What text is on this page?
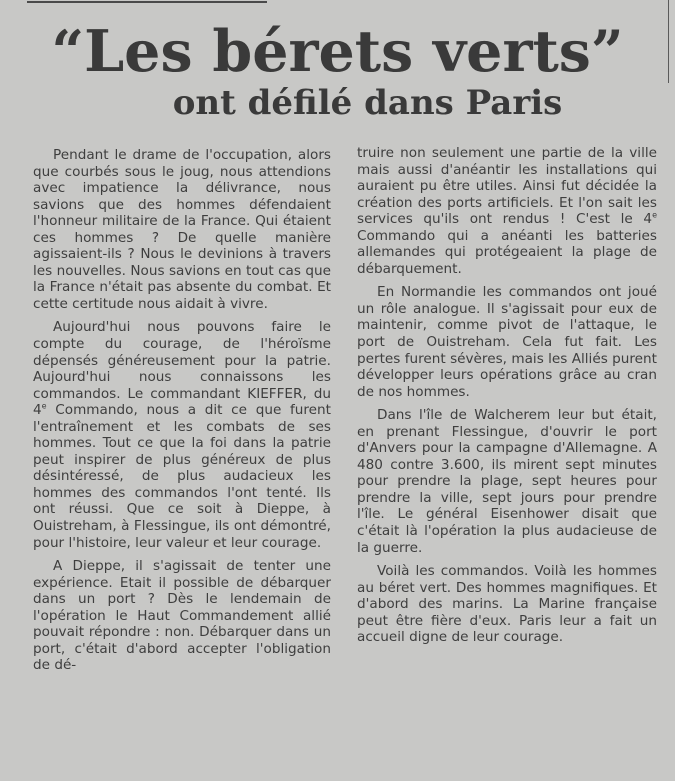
“Les bérets verts”
ont défilé dans Paris

Pendant le drame de l'occupation, alors que courbés sous le joug, nous attendions avec impatience la délivrance, nous savions que des hommes défendaient l'honneur militaire de la France. Qui étaient ces hommes ? De quelle manière agissaient-ils ? Nous le devinions à travers les nouvelles. Nous savions en tout cas que la France n'était pas absente du combat. Et cette certitude nous aidait à vivre.

Aujourd'hui nous pouvons faire le compte du courage, de l'héroïsme dépensés généreusement pour la patrie. Aujourd'hui nous connaissons les commandos. Le commandant KIEFFER, du 4e Commando, nous a dit ce que furent l'entraînement et les combats de ses hommes. Tout ce que la foi dans la patrie peut inspirer de plus généreux de plus désintéressé, de plus audacieux les hommes des commandos l'ont tenté. Ils ont réussi. Que ce soit à Dieppe, à Ouistreham, à Flessingue, ils ont démontré, pour l'histoire, leur valeur et leur courage.

A Dieppe, il s'agissait de tenter une expérience. Etait il possible de débarquer dans un port ? Dès le lendemain de l'opération le Haut Commandement allié pouvait répondre : non. Débarquer dans un port, c'était d'abord accepter l'obligation de dé-

truire non seulement une partie de la ville mais aussi d'anéantir les installations qui auraient pu être utiles. Ainsi fut décidée la création des ports artificiels. Et l'on sait les services qu'ils ont rendus ! C'est le 4e Commando qui a anéanti les batteries allemandes qui protégeaient la plage de débarquement.

En Normandie les commandos ont joué un rôle analogue. Il s'agissait pour eux de maintenir, comme pivot de l'attaque, le port de Ouistreham. Cela fut fait. Les pertes furent sévères, mais les Alliés purent développer leurs opérations grâce au cran de nos hommes.

Dans l'île de Walcherem leur but était, en prenant Flessingue, d'ouvrir le port d'Anvers pour la campagne d'Allemagne. A 480 contre 3.600, ils mirent sept minutes pour prendre la plage, sept heures pour prendre la ville, sept jours pour prendre l'île. Le général Eisenhower disait que c'était là l'opération la plus audacieuse de la guerre.

Voilà les commandos. Voilà les hommes au béret vert. Des hommes magnifiques. Et d'abord des marins. La Marine française peut être fière d'eux. Paris leur a fait un accueil digne de leur courage.
